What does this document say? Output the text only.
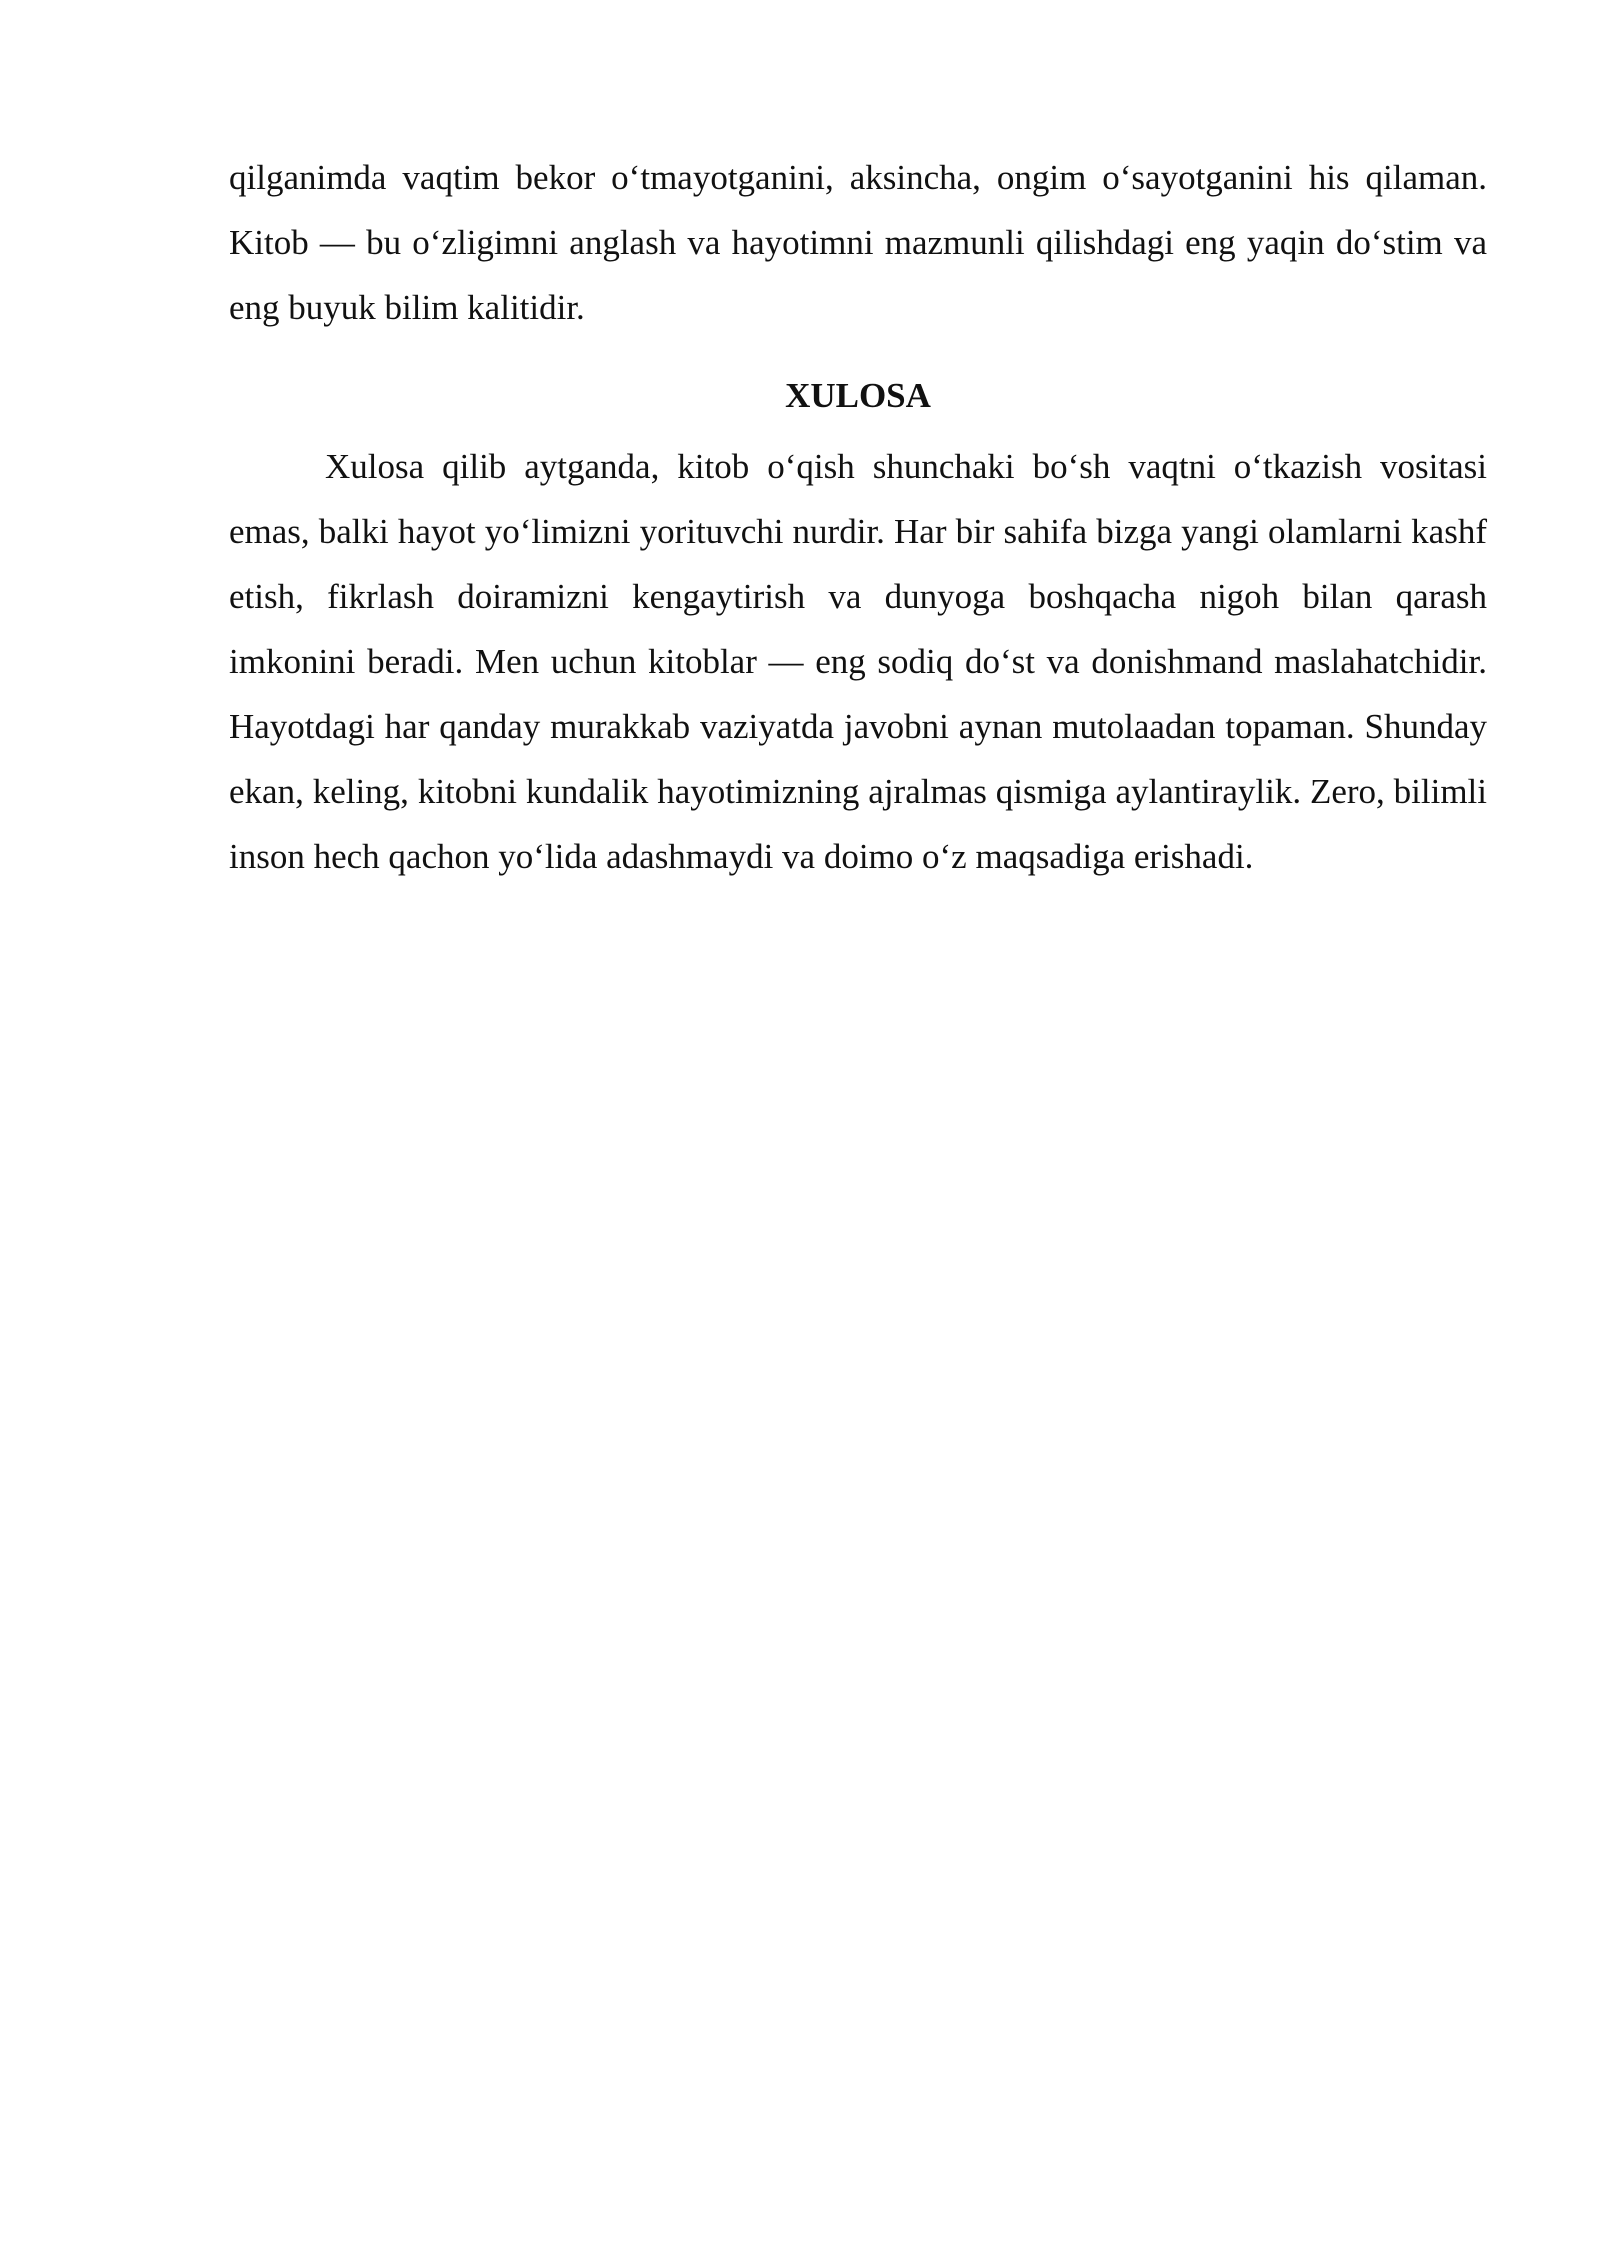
qilganimda vaqtim bekor o‘tmayotganini, aksincha, ongim o‘sayotganini his qilaman. Kitob — bu o‘zligimni anglash va hayotimni mazmunli qilishdagi eng yaqin do‘stim va eng buyuk bilim kalitidir.

XULOSA

Xulosa qilib aytganda, kitob o‘qish shunchaki bo‘sh vaqtni o‘tkazish vositasi emas, balki hayot yo‘limizni yorituvchi nurdir. Har bir sahifa bizga yangi olamlarni kashf etish, fikrlash doiramizni kengaytirish va dunyoga boshqacha nigoh bilan qarash imkonini beradi. Men uchun kitoblar — eng sodiq do‘st va donishmand maslahatchidir. Hayotdagi har qanday murakkab vaziyatda javobni aynan mutolaadan topaman. Shunday ekan, keling, kitobni kundalik hayotimizning ajralmas qismiga aylantiraylik. Zero, bilimli inson hech qachon yo‘lida adashmaydi va doimo o‘z maqsadiga erishadi.
